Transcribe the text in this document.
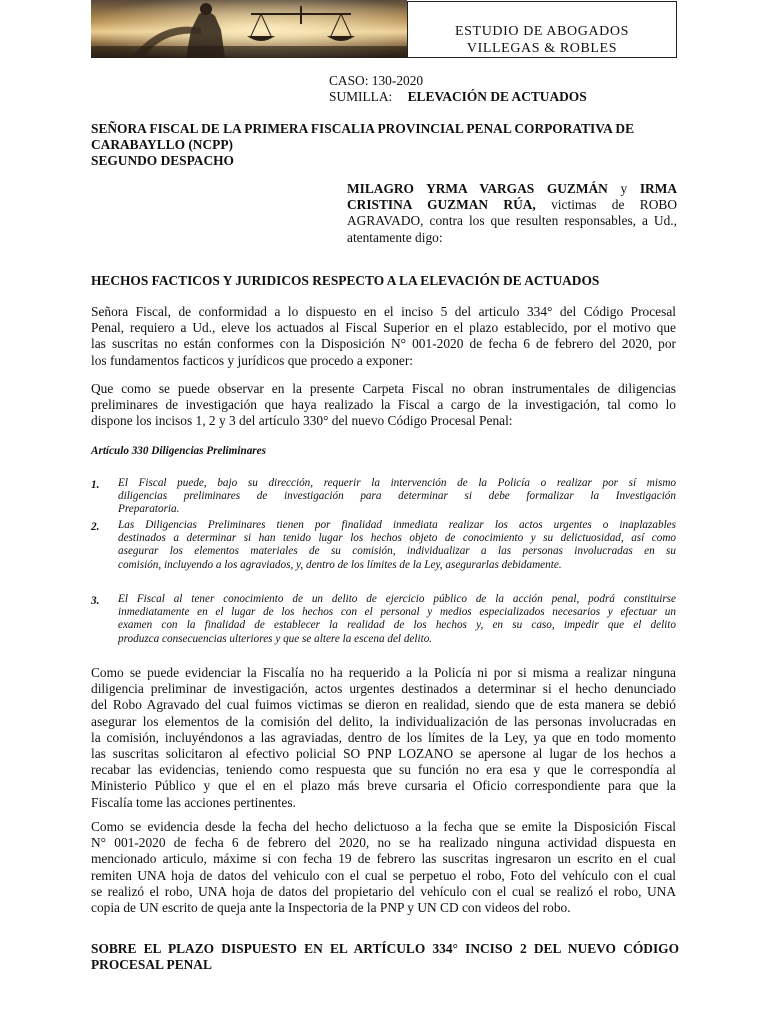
ESTUDIO DE ABOGADOS
VILLEGAS & ROBLES
CASO: 130-2020
SUMILLA: ELEVACIÓN DE ACTUADOS
SEÑORA FISCAL DE LA PRIMERA FISCALIA PROVINCIAL PENAL CORPORATIVA DE
CARABAYLLO (NCPP)
SEGUNDO DESPACHO
MILAGRO YRMA VARGAS GUZMÁN y IRMA
CRISTINA GUZMAN RÚA, victimas de ROBO
AGRAVADO, contra los que resulten responsables, a Ud.,
atentamente digo:
HECHOS FACTICOS Y JURIDICOS RESPECTO A LA ELEVACIÓN DE ACTUADOS
Señora Fiscal, de conformidad a lo dispuesto en el inciso 5 del articulo 334° del Código Procesal
Penal, requiero a Ud., eleve los actuados al Fiscal Superior en el plazo establecido, por el motivo que
las suscritas no están conformes con la Disposición N° 001-2020 de fecha 6 de febrero del 2020, por
los fundamentos facticos y jurídicos que procedo a exponer:
Que como se puede observar en la presente Carpeta Fiscal no obran instrumentales de diligencias
preliminares de investigación que haya realizado la Fiscal a cargo de la investigación, tal como lo
dispone los incisos 1, 2 y 3 del artículo 330° del nuevo Código Procesal Penal:
Artículo 330 Diligencias Preliminares
1. El Fiscal puede, bajo su dirección, requerir la intervención de la Policía o realizar por sí mismo
diligencias preliminares de investigación para determinar si debe formalizar la Investigación
Preparatoria.
2. Las Diligencias Preliminares tienen por finalidad inmediata realizar los actos urgentes o inaplazables
destinados a determinar si han tenido lugar los hechos objeto de conocimiento y su delictuosidad, así como
asegurar los elementos materiales de su comisión, individualizar a las personas involucradas en su
comisión, incluyendo a los agraviados, y, dentro de los límites de la Ley, asegurarlas debidamente.
3. El Fiscal al tener conocimiento de un delito de ejercicio público de la acción penal, podrá constituirse
inmediatamente en el lugar de los hechos con el personal y medios especializados necesarios y efectuar un
examen con la finalidad de establecer la realidad de los hechos y, en su caso, impedir que el delito
produzca consecuencias ulteriores y que se altere la escena del delito.
Como se puede evidenciar la Fiscalía no ha requerido a la Policía ni por si misma a realizar ninguna
diligencia preliminar de investigación, actos urgentes destinados a determinar si el hecho denunciado
del Robo Agravado del cual fuimos victimas se dieron en realidad, siendo que de esta manera se debió
asegurar los elementos de la comisión del delito, la individualización de las personas involucradas en
la comisión, incluyéndonos a las agraviadas, dentro de los límites de la Ley, ya que en todo momento
las suscritas solicitaron al efectivo policial SO PNP LOZANO se apersone al lugar de los hechos a
recabar las evidencias, teniendo como respuesta que su función no era esa y que le correspondía al
Ministerio Público y que el en el plazo más breve cursaria el Oficio correspondiente para que la
Fiscalía tome las acciones pertinentes.
Como se evidencia desde la fecha del hecho delictuoso a la fecha que se emite la Disposición Fiscal
N° 001-2020 de fecha 6 de febrero del 2020, no se ha realizado ninguna actividad dispuesta en
mencionado articulo, máxime si con fecha 19 de febrero las suscritas ingresaron un escrito en el cual
remiten UNA hoja de datos del vehiculo con el cual se perpetuo el robo, Foto del vehículo con el cual
se realizó el robo, UNA hoja de datos del propietario del vehículo con el cual se realizó el robo, UNA
copia de UN escrito de queja ante la Inspectoria de la PNP y UN CD con videos del robo.
SOBRE EL PLAZO DISPUESTO EN EL ARTÍCULO 334° INCISO 2 DEL NUEVO CÓDIGO
PROCESAL PENAL
